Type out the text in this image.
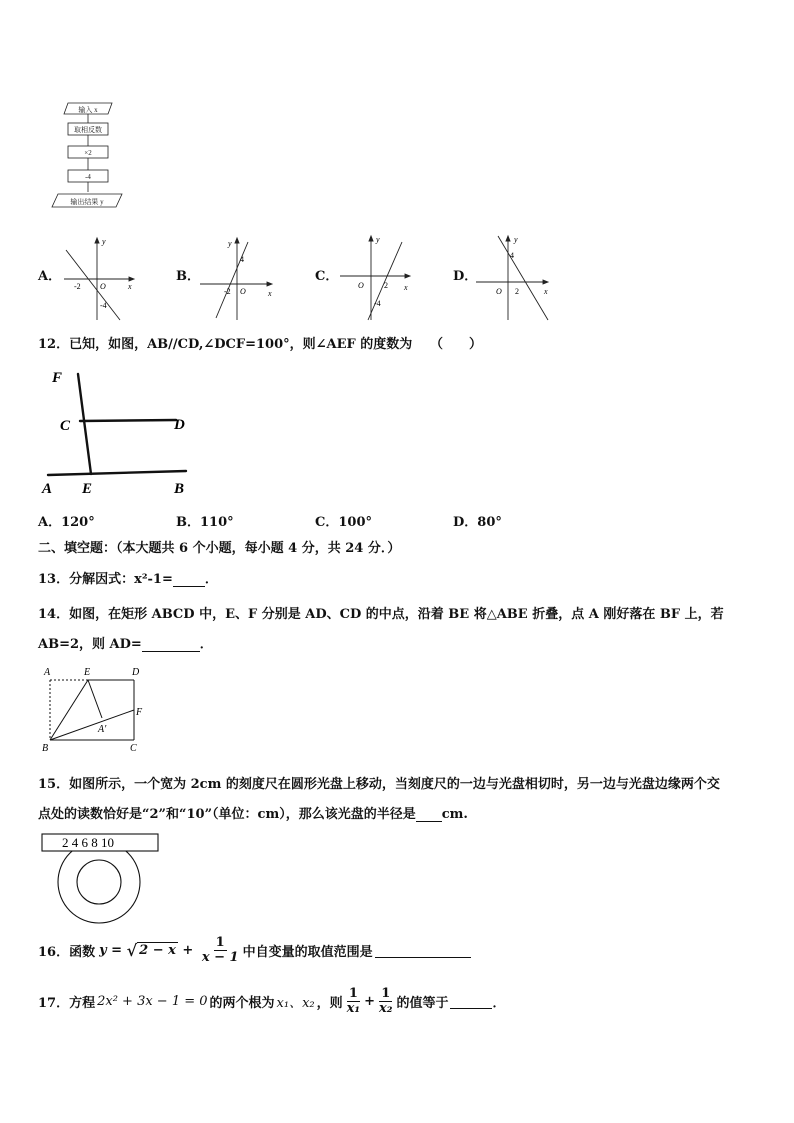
输入 x
取相反数
×2
-4
输出结果 y
A．
y
x
O
-2
-4
B．
y
x
O
-2
4
C．
y
x
O	2
-4
D．
y
x
O 2
4
12．已知，如图，AB//CD,∠DCF=100°，则∠AEF 的度数为 （　　）
F
C	D
A E	B
A．120°	B．110°	C．100°	D．80°
二、填空题：（本大题共 6 个小题，每小题 4 分，共 24 分．）
13．分解因式：x²-1= ．
14．如图，在矩形 ABCD 中，E、F 分别是 AD、CD 的中点，沿着 BE 将△ABE 折叠，点 A 刚好落在 BF 上，若
AB=2，则 AD=	．
A	E	D
F
A′
B	C
15．如图所示，一个宽为 2cm 的刻度尺在圆形光盘上移动，当刻度尺的一边与光盘相切时，另一边与光盘边缘两个交
点处的读数恰好是“2”和“10”（单位：cm），那么该光盘的半径是 cm.
2 4 6 8 10
16．函数 y = √ $2 - x + \frac{1}{x - 1}$ 中自变量的取值范围是
17．方程 2x² + 3x − 1 = 0 的两个根为 x₁、x₂ ，则 $\frac{1}{\text{x₁}} + \frac{1}{\text{x₂}}$ 的值等于	．
